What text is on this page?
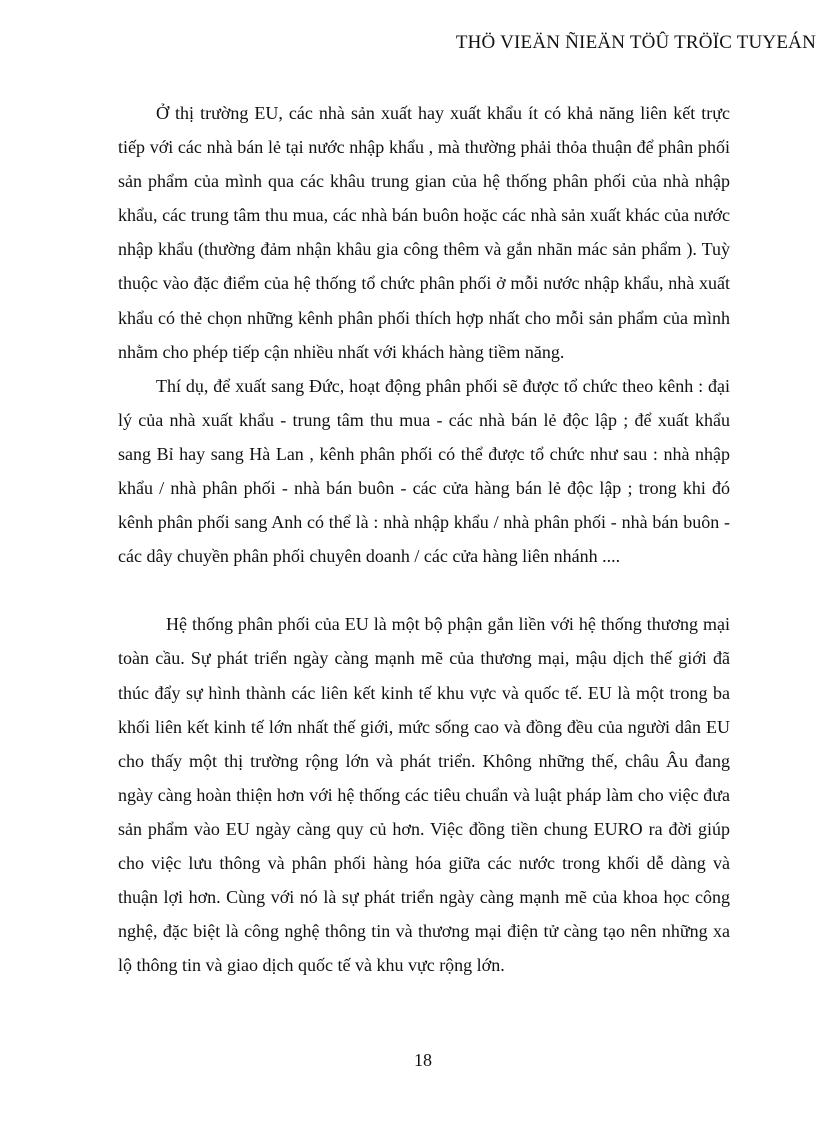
THÖ VIEÄN ÑIEÄN TÖÛ TRÖÏC TUYEÁN

Ở thị trường EU, các nhà sản xuất hay xuất khẩu ít có khả năng liên kết trực tiếp với các nhà bán lẻ tại nước nhập khẩu , mà thường phải thỏa thuận để phân phối sản phẩm của mình qua các khâu trung gian của hệ thống phân phối của nhà nhập khẩu, các trung tâm thu mua, các nhà bán buôn hoặc các nhà sản xuất khác của nước nhập khẩu (thường đảm nhận khâu gia công thêm và gắn nhãn mác sản phẩm ). Tuỳ thuộc vào đặc điểm của hệ thống tổ chức phân phối ở mỗi nước nhập khẩu, nhà xuất khẩu có thẻ chọn những kênh phân phối thích hợp nhất cho mỗi sản phẩm của mình nhằm cho phép tiếp cận nhiều nhất với khách hàng tiềm năng.

Thí dụ, để xuất sang Đức, hoạt động phân phối sẽ được tổ chức theo kênh : đại lý của nhà xuất khẩu - trung tâm thu mua - các nhà bán lẻ độc lập ; để xuất khẩu sang Bỉ hay sang Hà Lan , kênh phân phối có thể được tổ chức như sau : nhà nhập khẩu / nhà phân phối - nhà bán buôn - các cửa hàng bán lẻ độc lập ; trong khi đó kênh phân phối sang Anh có thể là : nhà nhập khẩu / nhà phân phối - nhà bán buôn - các dây chuyền phân phối chuyên doanh / các cửa hàng liên nhánh ....

Hệ thống phân phối của EU là một bộ phận gắn liền với hệ thống thương mại toàn cầu. Sự phát triển ngày càng mạnh mẽ của thương mại, mậu dịch thế giới đã thúc đẩy sự hình thành các liên kết kinh tế khu vực và quốc tế. EU là một trong ba khối liên kết kinh tế lớn nhất thế giới, mức sống cao và đồng đều của người dân EU cho thấy một thị trường rộng lớn và phát triển. Không những thế, châu Âu đang ngày càng hoàn thiện hơn với hệ thống các tiêu chuẩn và luật pháp làm cho việc đưa sản phẩm vào EU ngày càng quy củ hơn. Việc đồng tiền chung EURO ra đời giúp cho việc lưu thông và phân phối hàng hóa giữa các nước trong khối dễ dàng và thuận lợi hơn. Cùng với nó là sự phát triển ngày càng mạnh mẽ của khoa học công nghệ, đặc biệt là công nghệ thông tin và thương mại điện tử càng tạo nên những xa lộ thông tin và giao dịch quốc tế và khu vực rộng lớn.

18
